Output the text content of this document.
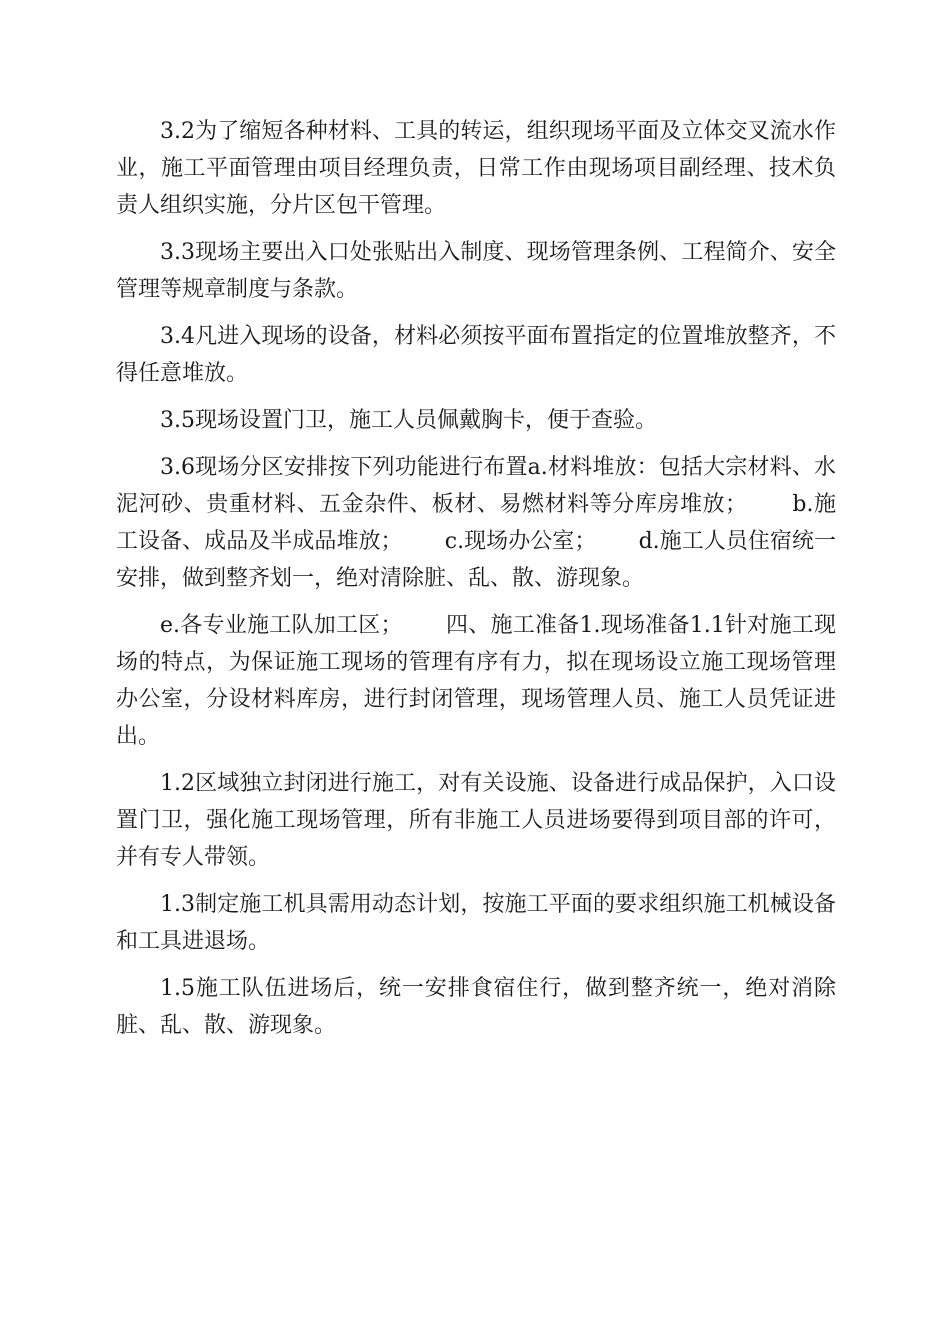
3.2为了缩短各种材料、工具的转运，组织现场平面及立体交叉流水作业，施工平面管理由项目经理负责，日常工作由现场项目副经理、技术负责人组织实施，分片区包干管理。

3.3现场主要出入口处张贴出入制度、现场管理条例、工程简介、安全管理等规章制度与条款。

3.4凡进入现场的设备，材料必须按平面布置指定的位置堆放整齐，不得任意堆放。

3.5现场设置门卫，施工人员佩戴胸卡，便于查验。

3.6现场分区安排按下列功能进行布置a.材料堆放：包括大宗材料、水泥河砂、贵重材料、五金杂件、板材、易燃材料等分库房堆放；      b.施工设备、成品及半成品堆放；      c.现场办公室；      d.施工人员住宿统一安排，做到整齐划一，绝对清除脏、乱、散、游现象。

e.各专业施工队加工区；      四、施工准备1.现场准备1.1针对施工现场的特点，为保证施工现场的管理有序有力，拟在现场设立施工现场管理办公室，分设材料库房，进行封闭管理，现场管理人员、施工人员凭证进出。

1.2区域独立封闭进行施工，对有关设施、设备进行成品保护，入口设置门卫，强化施工现场管理，所有非施工人员进场要得到项目部的许可，并有专人带领。

1.3制定施工机具需用动态计划，按施工平面的要求组织施工机械设备和工具进退场。

1.5施工队伍进场后，统一安排食宿住行，做到整齐统一，绝对消除脏、乱、散、游现象。
